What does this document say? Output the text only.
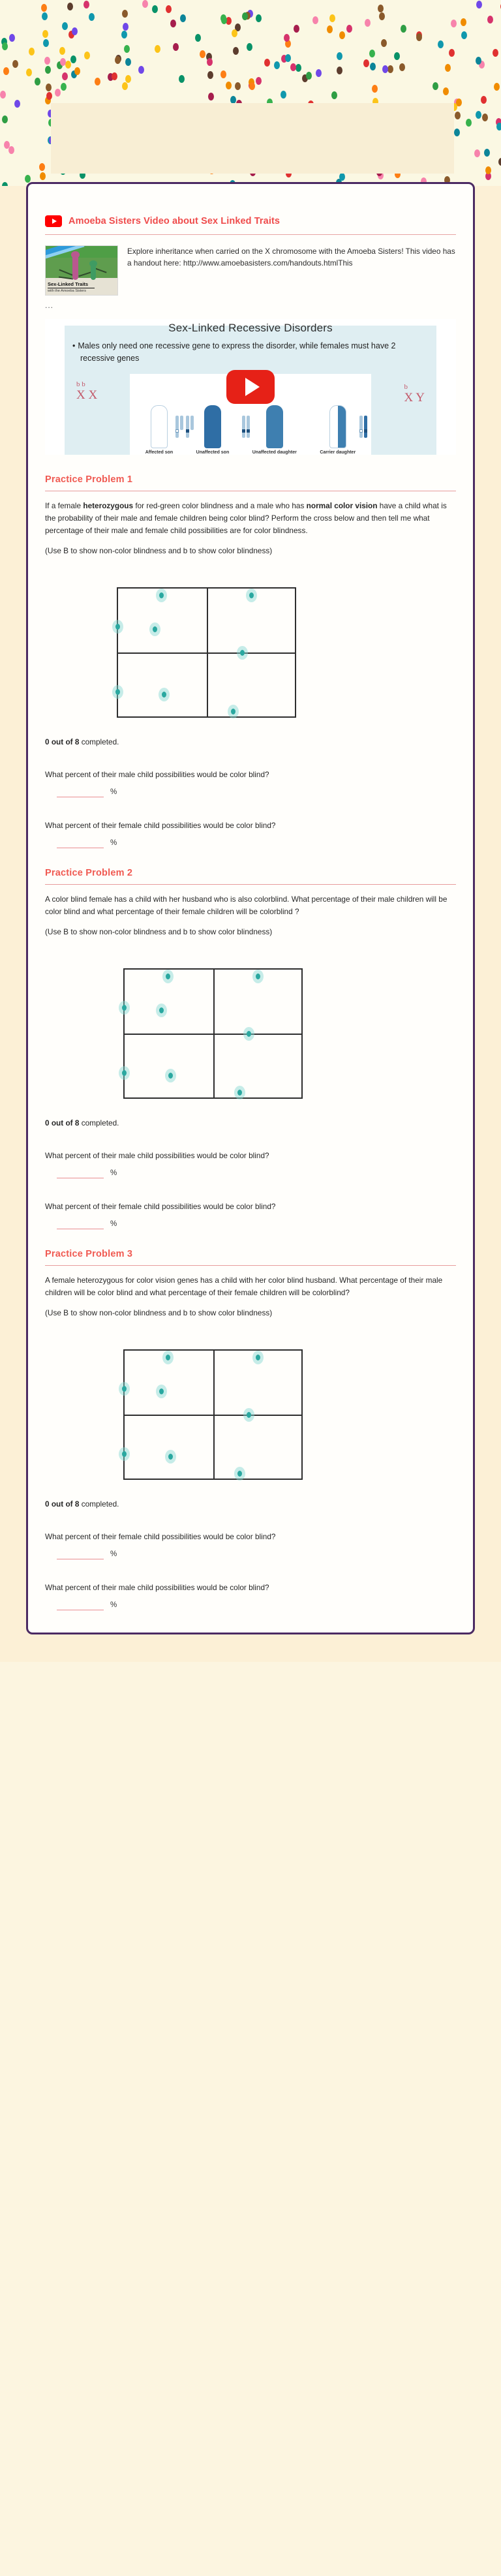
Amoeba Sisters Video about Sex Linked Traits
Sex-Linked Traits
with the Amoeba Sisters
Explore inheritance when carried on the X chromosome with the Amoeba Sisters! This video has a handout here: http://www.amoebasisters.com/handouts.htmlThis
...
Sex-Linked Recessive Disorders
• Males only need one recessive gene to express the disorder, while females must have 2 recessive genes
b b
X X
b
X Y
Affected son	Unaffected son	Unaffected daughter	Carrier daughter
Practice Problem 1
If a female heterozygous for red-green color blindness and a male who has normal color vision have a child what is the probability of their male and female children being color blind? Perform the cross below and then tell me what percentage of their male and female child possibilities are for color blindness.
(Use B to show non-color blindness and b to show color blindness)
0 out of 8 completed.
What percent of their male child possibilities would be color blind?
%
What percent of their female child possibilities would be color blind?
%
Practice Problem 2
A color blind female has a child with her husband who is also colorblind. What percentage of their male children will be color blind and what percentage of their female children will be colorblind ?
(Use B to show non-color blindness and b to show color blindness)
0 out of 8 completed.
What percent of their male child possibilities would be color blind?
%
What percent of their female child possibilities would be color blind?
%
Practice Problem 3
A female heterozygous for color vision genes has a child with her color blind husband. What percentage of their male children will be color blind and what percentage of their female children will be colorblind?
(Use B to show non-color blindness and b to show color blindness)
0 out of 8 completed.
What percent of their female child possibilities would be color blind?
%
What percent of their male child possibilities would be color blind?
%
